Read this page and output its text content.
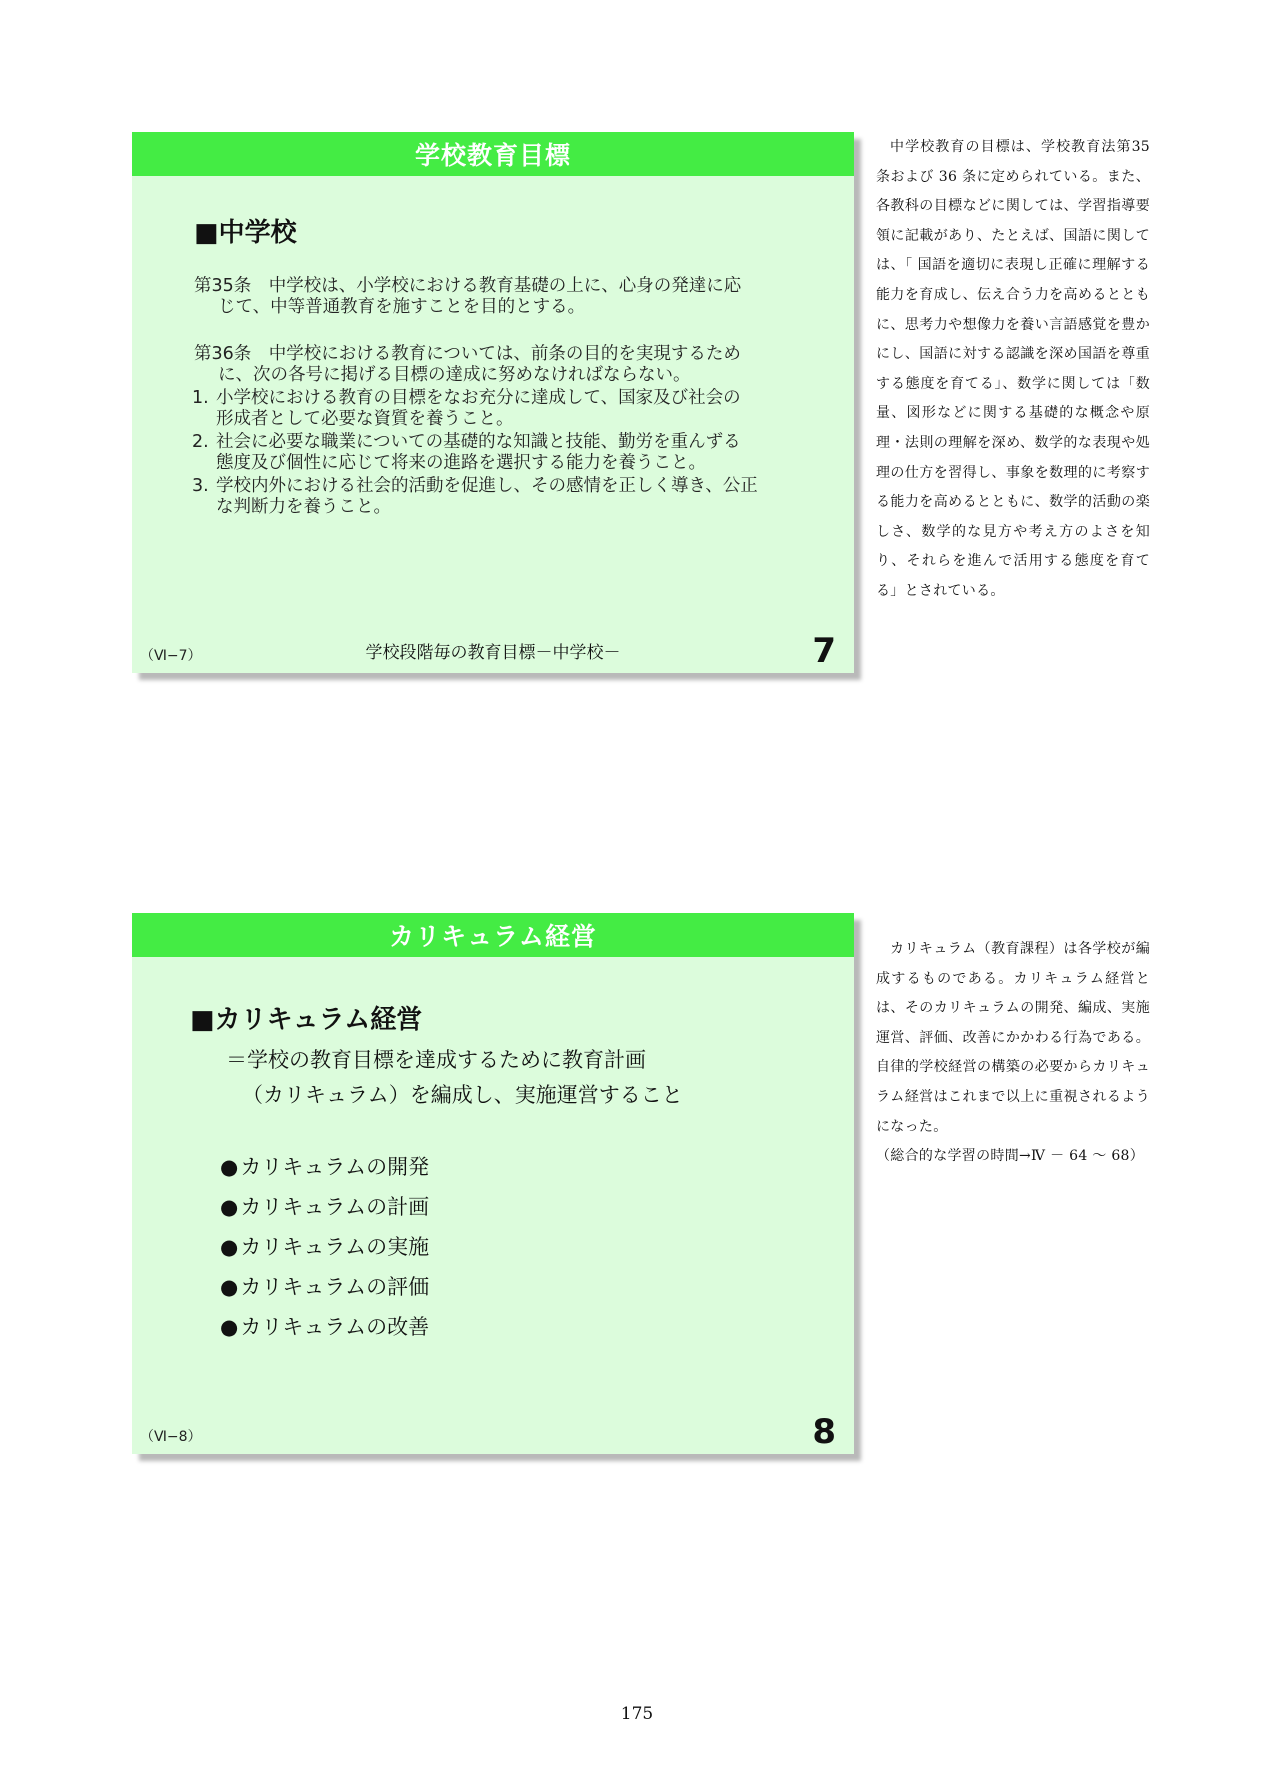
学校教育目標
■中学校
第35条　 中学校は、小学校における教育基礎の上に、心身の発達に応
じて、中等普通教育を施すことを目的とする。
第36条　 中学校における教育については、前条の目的を実現するため
に、次の各号に掲げる目標の達成に努めなければならない。
1. 小学校における教育の目標をなお充分に達成して、国家及び社会の
形成者として必要な資質を養うこと。
2. 社会に必要な職業についての基礎的な知識と技能、勤労を重んずる
態度及び個性に応じて将来の進路を選択する能力を養うこと。
3. 学校内外における社会的活動を促進し、その感情を正しく導き、公正
な判断力を養うこと。
（Ⅵ−7）	学校段階毎の教育目標－中学校－	7

中学校教育の目標は、学校教育法第35条および 36 条に定められている。また、各教科の目標などに関しては、学習指導要領に記載があり、たとえば、国語に関しては、「 国語を適切に表現し正確に理解する能力を育成し、伝え合う力を高めるとともに、思考力や想像力を養い言語感覚を豊かにし、国語に対する認識を深め国語を尊重する態度を育てる」、数学に関しては「数量、図形などに関する基礎的な概念や原理・法則の理解を深め、数学的な表現や処理の仕方を習得し、事象を数理的に考察する能力を高めるとともに、数学的活動の楽しさ、数学的な見方や考え方のよさを知り、それらを進んで活用する態度を育てる」とされている。

カリキュラム経営
■カリキュラム経営
＝学校の教育目標を達成するために教育計画
（カリキュラム）を編成し、実施運営すること
● カリキュラムの開発
● カリキュラムの計画
● カリキュラムの実施
● カリキュラムの評価
● カリキュラムの改善
（Ⅵ−8）	8

カリキュラム（教育課程）は各学校が編成するものである。カリキュラム経営とは、そのカリキュラムの開発、編成、実施運営、評価、改善にかかわる行為である。自律的学校経営の構築の必要からカリキュラム経営はこれまで以上に重視されるようになった。

（総合的な学習の時間→Ⅳ － 64 ～ 68）

175
